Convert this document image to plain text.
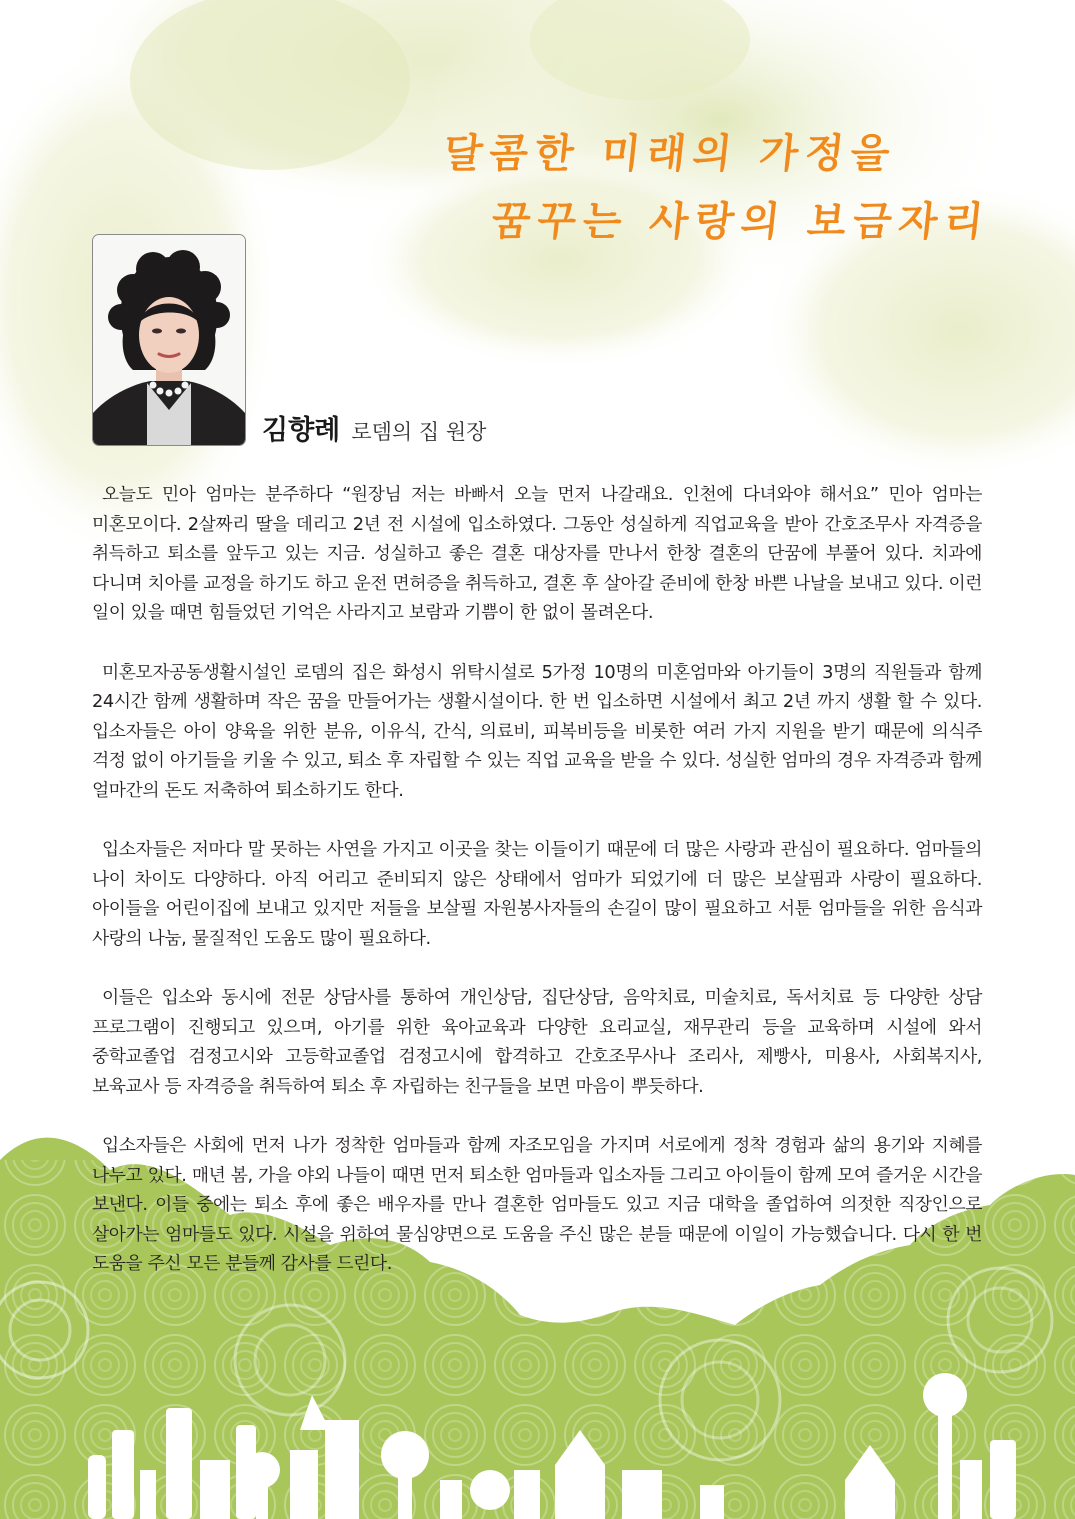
달콤한 미래의 가정을
꿈꾸는 사랑의 보금자리
김향례 로뎀의 집 원장

오늘도 민아 엄마는 분주하다 “원장님 저는 바빠서 오늘 먼저 나갈래요. 인천에 다녀와야 해서요” 민아 엄마는 미혼모이다. 2살짜리 딸을 데리고 2년 전 시설에 입소하였다. 그동안 성실하게 직업교육을 받아 간호조무사 자격증을 취득하고 퇴소를 앞두고 있는 지금. 성실하고 좋은 결혼 대상자를 만나서 한창 결혼의 단꿈에 부풀어 있다. 치과에 다니며 치아를 교정을 하기도 하고 운전 면허증을 취득하고, 결혼 후 살아갈 준비에 한창 바쁜 나날을 보내고 있다. 이런 일이 있을 때면 힘들었던 기억은 사라지고 보람과 기쁨이 한 없이 몰려온다.

미혼모자공동생활시설인 로뎀의 집은 화성시 위탁시설로 5가정 10명의 미혼엄마와 아기들이 3명의 직원들과 함께 24시간 함께 생활하며 작은 꿈을 만들어가는 생활시설이다. 한 번 입소하면 시설에서 최고 2년 까지 생활 할 수 있다. 입소자들은 아이 양육을 위한 분유, 이유식, 간식, 의료비, 피복비등을 비롯한 여러 가지 지원을 받기 때문에 의식주 걱정 없이 아기들을 키울 수 있고, 퇴소 후 자립할 수 있는 직업 교육을 받을 수 있다. 성실한 엄마의 경우 자격증과 함께 얼마간의 돈도 저축하여 퇴소하기도 한다.

입소자들은 저마다 말 못하는 사연을 가지고 이곳을 찾는 이들이기 때문에 더 많은 사랑과 관심이 필요하다. 엄마들의 나이 차이도 다양하다. 아직 어리고 준비되지 않은 상태에서 엄마가 되었기에 더 많은 보살핌과 사랑이 필요하다. 아이들을 어린이집에 보내고 있지만 저들을 보살필 자원봉사자들의 손길이 많이 필요하고 서툰 엄마들을 위한 음식과 사랑의 나눔, 물질적인 도움도 많이 필요하다.

이들은 입소와 동시에 전문 상담사를 통하여 개인상담, 집단상담, 음악치료, 미술치료, 독서치료 등 다양한 상담 프로그램이 진행되고 있으며, 아기를 위한 육아교육과 다양한 요리교실, 재무관리 등을 교육하며 시설에 와서 중학교졸업 검정고시와 고등학교졸업 검정고시에 합격하고 간호조무사나 조리사, 제빵사, 미용사, 사회복지사, 보육교사 등 자격증을 취득하여 퇴소 후 자립하는 친구들을 보면 마음이 뿌듯하다.

입소자들은 사회에 먼저 나가 정착한 엄마들과 함께 자조모임을 가지며 서로에게 정착 경험과 삶의 용기와 지혜를 나누고 있다. 매년 봄, 가을 야외 나들이 때면 먼저 퇴소한 엄마들과 입소자들 그리고 아이들이 함께 모여 즐거운 시간을 보낸다. 이들 중에는 퇴소 후에 좋은 배우자를 만나 결혼한 엄마들도 있고 지금 대학을 졸업하여 의젓한 직장인으로 살아가는 엄마들도 있다. 시설을 위하여 물심양면으로 도움을 주신 많은 분들 때문에 이일이 가능했습니다. 다시 한 번 도움을 주신 모든 분들께 감사를 드린다.
